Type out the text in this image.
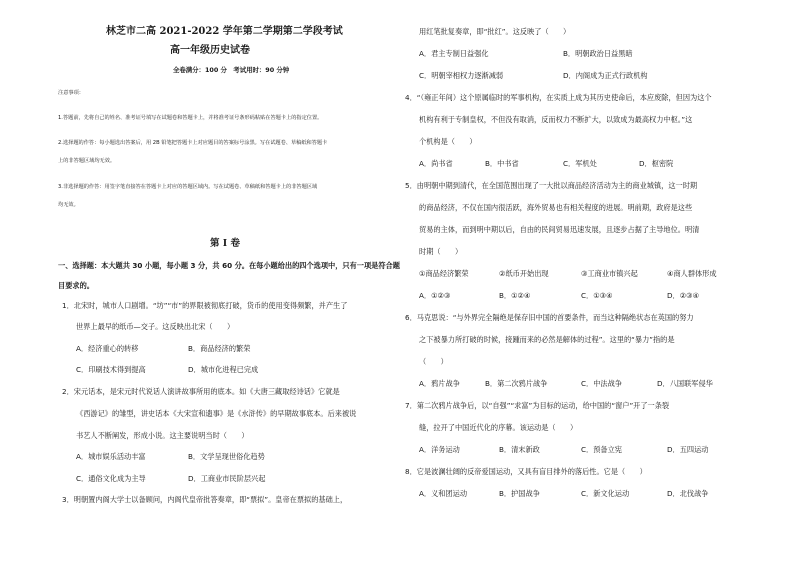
林芝市二高 2021-2022 学年第二学期第二学段考试
高一年级历史试卷
全卷满分：100 分　考试用时：90 分钟
注意事项：
1.答题前，先将自己的姓名、准考证号填写在试题卷和答题卡上，并将准考证号条形码粘贴在答题卡上的指定位置。
2.选择题的作答：每小题选出答案后，用 2B 铅笔把答题卡上对应题目的答案标号涂黑。写在试题卷、草稿纸和答题卡
上的非答题区域均无效。
3.非选择题的作答：用签字笔直接答在答题卡上对应的答题区域内。写在试题卷、草稿纸和答题卡上的非答题区域
均无效。
第 I 卷
一、选择题：本大题共 30 小题，每小题 3 分，共 60 分。在每小题给出的四个选项中，只有一项是符合题
目要求的。
1．北宋时，城市人口剧增。“坊”“市”的界限被彻底打破，货币的使用变得频繁，并产生了
世界上最早的纸币—交子。这反映出北宋（　　）
A．经济重心的转移	B．商品经济的繁荣
C．印刷技术得到提高	D．城市化进程已完成
2．宋元话本，是宋元时代说话人演讲故事所用的底本。如《大唐三藏取经诗话》它就是
《西游记》的雏型，讲史话本《大宋宣和遗事》是《水浒传》的早期故事底本。后来被说
书艺人不断阐发，形成小说。这主要说明当时（　　）
A．城市娱乐活动丰富	B．文学呈现世俗化趋势
C．通俗文化成为主导	D．工商业市民阶层兴起
3．明朝置内阁大学士以备顾问，内阁代皇帝批答奏章，即“票拟”。皇帝在票拟的基础上，
用红笔批复奏章，即“批红”。这反映了（　　）
A．君主专制日益强化	B．明朝政治日益黑暗
C．明朝宰相权力逐渐减弱	D．内阁成为正式行政机构
4．“（雍正年间）这个原属临时的军事机构，在实质上成为其历史使命后，本应废除，但因为这个
机构有利于专制皇权，不但没有取消，反而权力不断扩大，以致成为最高权力中枢。”这
个机构是（　　）
A．尚书省	B．中书省	C．军机处	D．枢密院
5．由明朝中期到清代，在全国范围出现了一大批以商品经济活动为主的商业城镇，这一时期
的商品经济，不仅在国内很活跃，海外贸易也有相关程度的进展。明前期，政府是这些
贸易的主体，而到明中期以后，自由的民间贸易迅速发展，且逐步占据了主导地位。明清
时期（　　）
①商品经济繁荣	②纸币开始出现	③工商业市镇兴起	④商人群体形成
A．①②③	B．①②④	C．①③④	D．②③④
6．马克思说：“与外界完全隔绝是保存旧中国的首要条件，而当这种隔绝状态在英国的努力
之下被暴力所打破的时候，接踵而来的必然是解体的过程”。这里的“暴力”指的是
（　　）
A．鸦片战争	B．第二次鸦片战争	C．中法战争	D．八国联军侵华
7．第二次鸦片战争后，以“自强”“求富”为目标的运动，给中国的“窗户”开了一条裂
缝，拉开了中国近代化的序幕。该运动是（　　）
A．洋务运动	B．清末新政	C．预备立宪	D．五四运动
8．它是波澜壮阔的反帝爱国运动，又具有盲目排外的落后性。它是（　　）
A．义和团运动	B．护国战争	C．新文化运动	D．北伐战争
